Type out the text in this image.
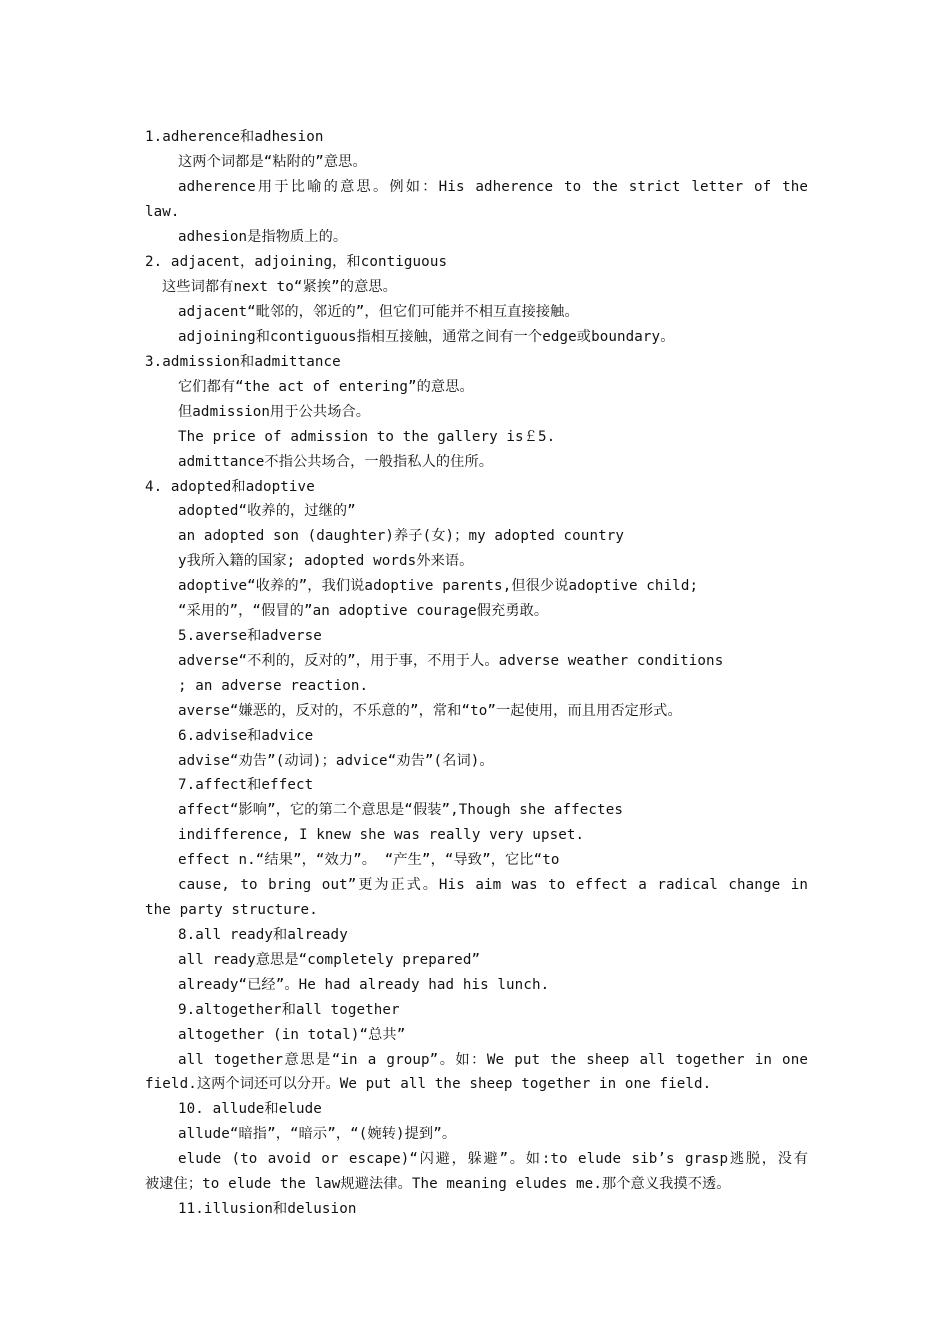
1.adherence和adhesion
这两个词都是“粘附的”意思。
adherence用于比喻的意思。例如：His adherence to the strict letter of the
law.
adhesion是指物质上的。
2. adjacent，adjoining，和contiguous
这些词都有next to“紧挨”的意思。
adjacent“毗邻的，邻近的”，但它们可能并不相互直接接触。
adjoining和contiguous指相互接触，通常之间有一个edge或boundary。
3.admission和admittance
它们都有“the act of entering”的意思。
但admission用于公共场合。
The price of admission to the gallery is￡5.
admittance不指公共场合，一般指私人的住所。
4. adopted和adoptive
adopted“收养的，过继的”
an adopted son (daughter)养子(女)；my adopted country
y我所入籍的国家; adopted words外来语。
adoptive“收养的”，我们说adoptive parents,但很少说adoptive child;
“采用的”，“假冒的”an adoptive courage假充勇敢。
5.averse和adverse
adverse“不利的，反对的”，用于事，不用于人。adverse weather conditions
; an adverse reaction.
averse“嫌恶的，反对的，不乐意的”，常和“to”一起使用，而且用否定形式。
6.advise和advice
advise“劝告”(动词)；advice“劝告”(名词)。
7.affect和effect
affect“影响”，它的第二个意思是“假装”,Though she affectes
indifference, I knew she was really very upset.
effect n.“结果”，“效力”。 “产生”，“导致”，它比“to
cause, to bring out”更为正式。His aim was to effect a radical change in
the party structure.
8.all ready和already
all ready意思是“completely prepared”
already“已经”。He had already had his lunch.
9.altogether和all together
altogether (in total)“总共”
all together意思是“in a group”。如：We put the sheep all together in one
field.这两个词还可以分开。We put all the sheep together in one field.
10. allude和elude
allude“暗指”，“暗示”，“(婉转)提到”。
elude (to avoid or escape)“闪避，躲避”。如:to elude sib’s grasp逃脱，没有
被逮住；to elude the law规避法律。The meaning eludes me.那个意义我摸不透。
11.illusion和delusion
